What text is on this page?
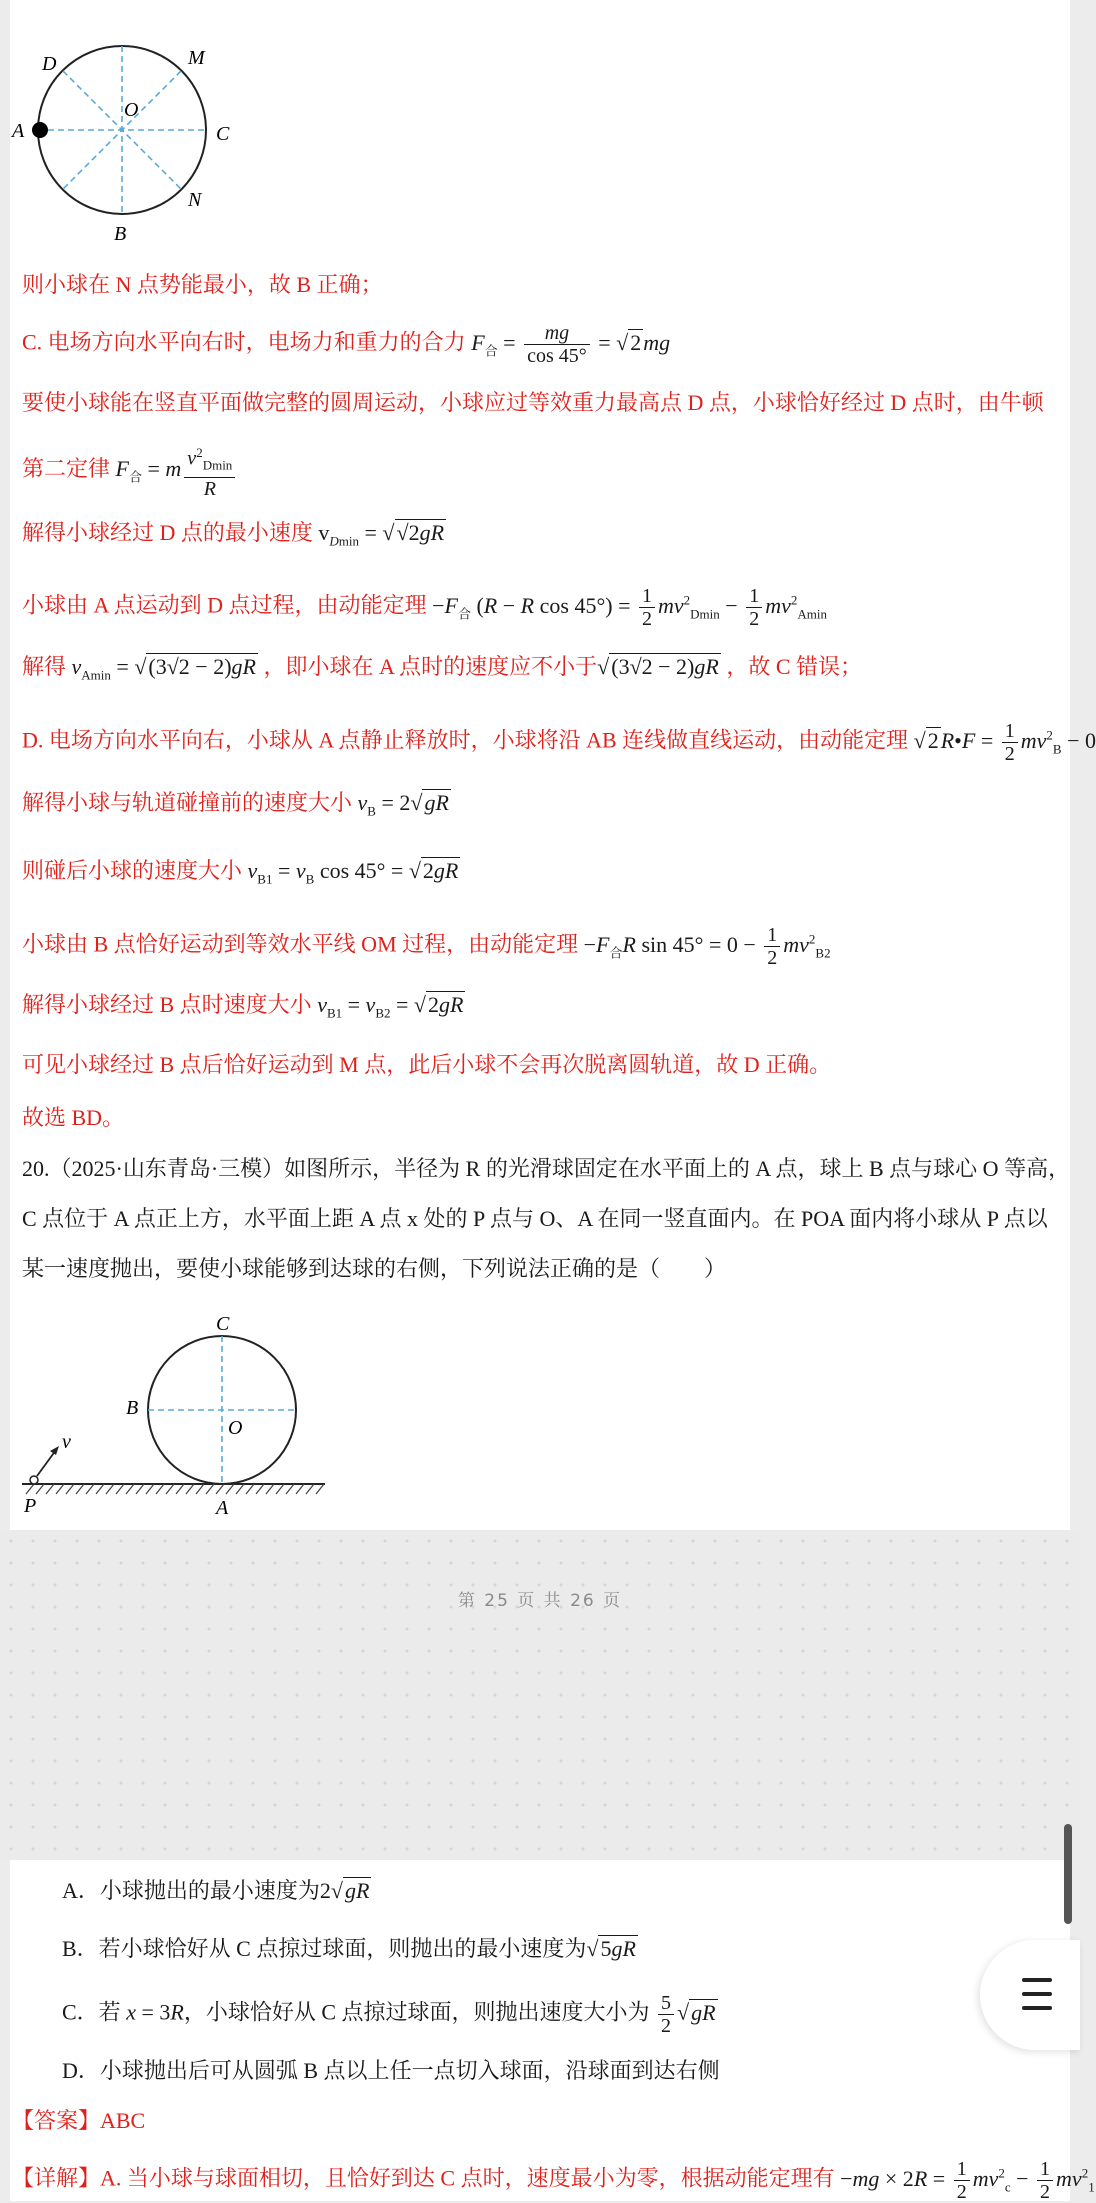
D	M
O
A	C
B
N
则小球在 N 点势能最小，故 B 正确；
C. 电场方向水平向右时，电场力和重力的合力 $F_合 = \frac{mg}{\cos 45^\circ} = √2mg$
要使小球能在竖直平面做完整的圆周运动，小球应过等效重力最高点 D 点，小球恰好经过 D 点时，由牛顿
第二定律 $F_合 = m$ $v^2_{Dmin}$
R
解得小球经过 D 点的最小速度 $v_{Dmin} = √√2gR$
小球由 A 点运动到 D 点过程，由动能定理 $-F_合$ (R − R $\cos 45^\circ) = \frac{1}{2} mv^2_{Dmin} - \frac{1}{2} mv^2_{Amin}$
解得 $v_{Amin} = √(3√2 - 2)gR$ ，即小球在 A 点时的速度应不小于√(3√2 − 2)gR ，故 C 错误；
D. 电场方向水平向右，小球从 A 点静止释放时，小球将沿 AB 连线做直线运动，由动能定理 √2R•F = $\frac{1}{2} mv^2_B - 0$
解得小球与轨道碰撞前的速度大小 $v_B = 2√gR$
则碰后小球的速度大小 $v_{B1} = v_B$ cos 45° = √2gR
小球由 B 点恰好运动到等效水平线 OM 过程，由动能定理 $-F_合R$ $\sin 45^\circ = 0 - \frac{1}{2} mv^2_{B2}$
解得小球经过 B 点时速度大小 $v_{B1} = v_{B2} = √2gR$
可见小球经过 B 点后恰好运动到 M 点，此后小球不会再次脱离圆轨道，故 D 正确。
故选 BD。
20.（2025·山东青岛·三模）如图所示，半径为 R 的光滑球固定在水平面上的 A 点，球上 B 点与球心 O 等高，
C 点位于 A 点正上方，水平面上距 A 点 x 处的 P 点与 O、A 在同一竖直面内。在 POA 面内将小球从 P 点以
某一速度抛出，要使小球能够到达球的右侧，下列说法正确的是（　　）
C
B
O
v
P	A
第 25 页 共 26 页
A．小球抛出的最小速度为2√gR
B．若小球恰好从 C 点掠过球面，则抛出的最小速度为√5gR
C．若 x = 3R，小球恰好从 C 点掠过球面，则抛出速度大小为 $\frac{5}{2} √gR$
D．小球抛出后可从圆弧 B 点以上任一点切入球面，沿球面到达右侧
【答案】ABC
【详解】A. 当小球与球面相切，且恰好到达 C 点时，速度最小为零，根据动能定理有 $-mg \times 2R = \frac{1}{2} mv^2_c - \frac{1}{2} mv^2_1$
